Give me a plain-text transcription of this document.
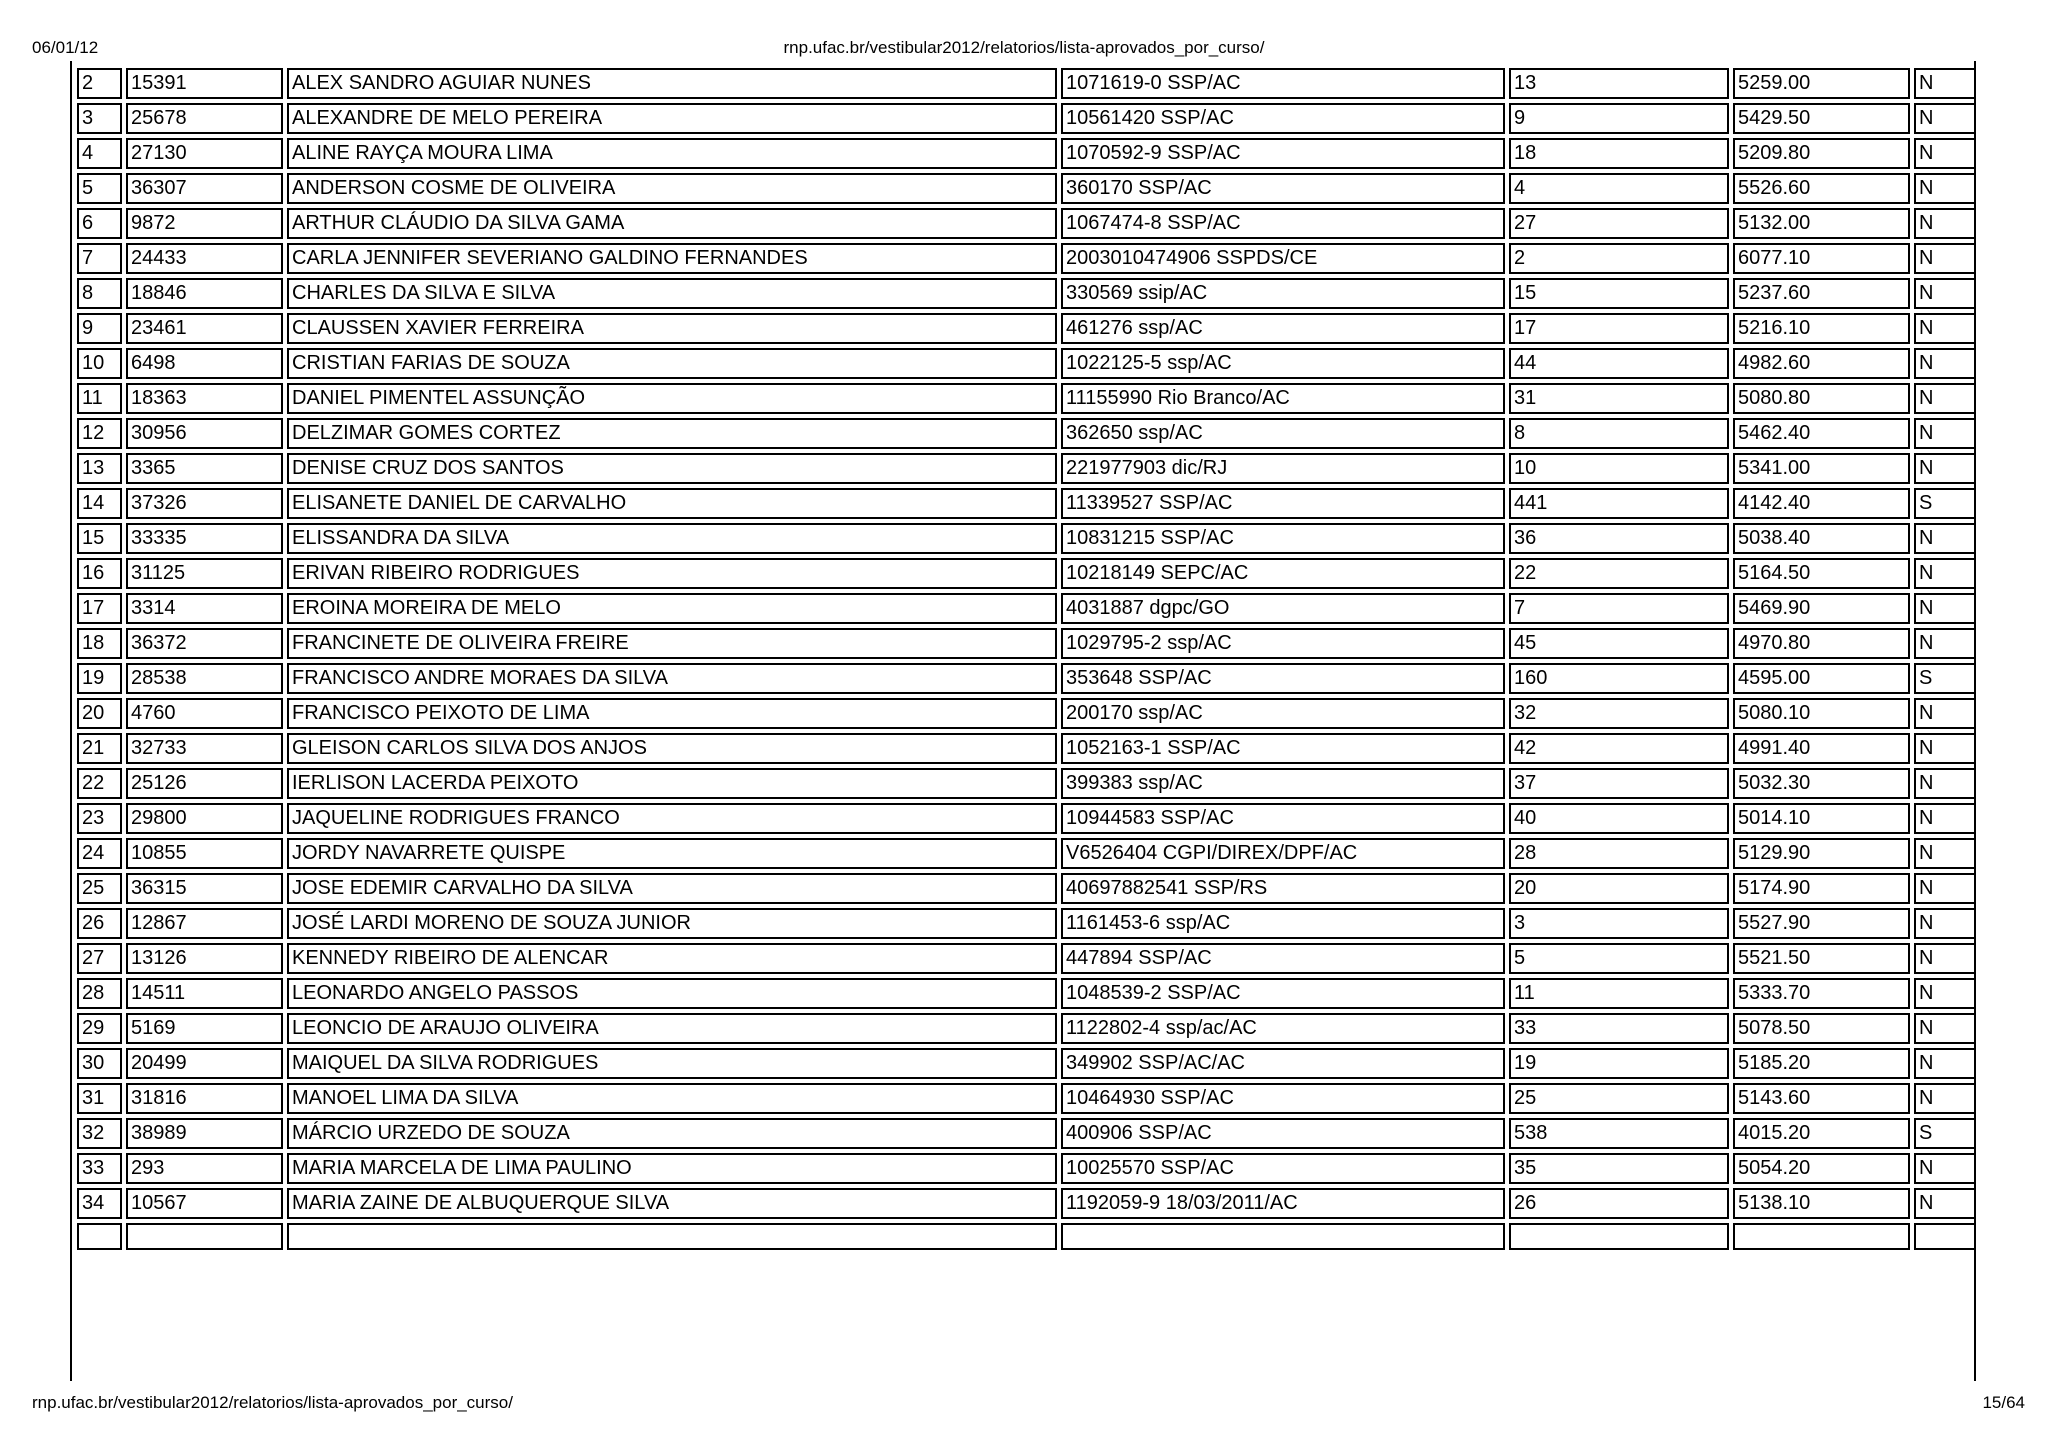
06/01/12	rnp.ufac.br/vestibular2012/relatorios/lista-aprovados_por_curso/
2	15391	ALEX SANDRO AGUIAR NUNES	1071619-0 SSP/AC	13	5259.00	N
3	25678	ALEXANDRE DE MELO PEREIRA	10561420 SSP/AC	9	5429.50	N
4	27130	ALINE RAYÇA MOURA LIMA	1070592-9 SSP/AC	18	5209.80	N
5	36307	ANDERSON COSME DE OLIVEIRA	360170 SSP/AC	4	5526.60	N
6	9872	ARTHUR CLÁUDIO DA SILVA GAMA	1067474-8 SSP/AC	27	5132.00	N
7	24433	CARLA JENNIFER SEVERIANO GALDINO FERNANDES	2003010474906 SSPDS/CE	2	6077.10	N
8	18846	CHARLES DA SILVA E SILVA	330569 ssip/AC	15	5237.60	N
9	23461	CLAUSSEN XAVIER FERREIRA	461276 ssp/AC	17	5216.10	N
10	6498	CRISTIAN FARIAS DE SOUZA	1022125-5 ssp/AC	44	4982.60	N
11	18363	DANIEL PIMENTEL ASSUNÇÃO	11155990 Rio Branco/AC	31	5080.80	N
12	30956	DELZIMAR GOMES CORTEZ	362650 ssp/AC	8	5462.40	N
13	3365	DENISE CRUZ DOS SANTOS	221977903 dic/RJ	10	5341.00	N
14	37326	ELISANETE DANIEL DE CARVALHO	11339527 SSP/AC	441	4142.40	S
15	33335	ELISSANDRA DA SILVA	10831215 SSP/AC	36	5038.40	N
16	31125	ERIVAN RIBEIRO RODRIGUES	10218149 SEPC/AC	22	5164.50	N
17	3314	EROINA MOREIRA DE MELO	4031887 dgpc/GO	7	5469.90	N
18	36372	FRANCINETE DE OLIVEIRA FREIRE	1029795-2 ssp/AC	45	4970.80	N
19	28538	FRANCISCO ANDRE MORAES DA SILVA	353648 SSP/AC	160	4595.00	S
20	4760	FRANCISCO PEIXOTO DE LIMA	200170 ssp/AC	32	5080.10	N
21	32733	GLEISON CARLOS SILVA DOS ANJOS	1052163-1 SSP/AC	42	4991.40	N
22	25126	IERLISON LACERDA PEIXOTO	399383 ssp/AC	37	5032.30	N
23	29800	JAQUELINE RODRIGUES FRANCO	10944583 SSP/AC	40	5014.10	N
24	10855	JORDY NAVARRETE QUISPE	V6526404 CGPI/DIREX/DPF/AC	28	5129.90	N
25	36315	JOSE EDEMIR CARVALHO DA SILVA	40697882541 SSP/RS	20	5174.90	N
26	12867	JOSÉ LARDI MORENO DE SOUZA JUNIOR	1161453-6 ssp/AC	3	5527.90	N
27	13126	KENNEDY RIBEIRO DE ALENCAR	447894 SSP/AC	5	5521.50	N
28	14511	LEONARDO ANGELO PASSOS	1048539-2 SSP/AC	11	5333.70	N
29	5169	LEONCIO DE ARAUJO OLIVEIRA	1122802-4 ssp/ac/AC	33	5078.50	N
30	20499	MAIQUEL DA SILVA RODRIGUES	349902 SSP/AC/AC	19	5185.20	N
31	31816	MANOEL LIMA DA SILVA	10464930 SSP/AC	25	5143.60	N
32	38989	MÁRCIO URZEDO DE SOUZA	400906 SSP/AC	538	4015.20	S
33	293	MARIA MARCELA DE LIMA PAULINO	10025570 SSP/AC	35	5054.20	N
34	10567	MARIA ZAINE DE ALBUQUERQUE SILVA	1192059-9 18/03/2011/AC	26	5138.10	N

rnp.ufac.br/vestibular2012/relatorios/lista-aprovados_por_curso/	15/64
